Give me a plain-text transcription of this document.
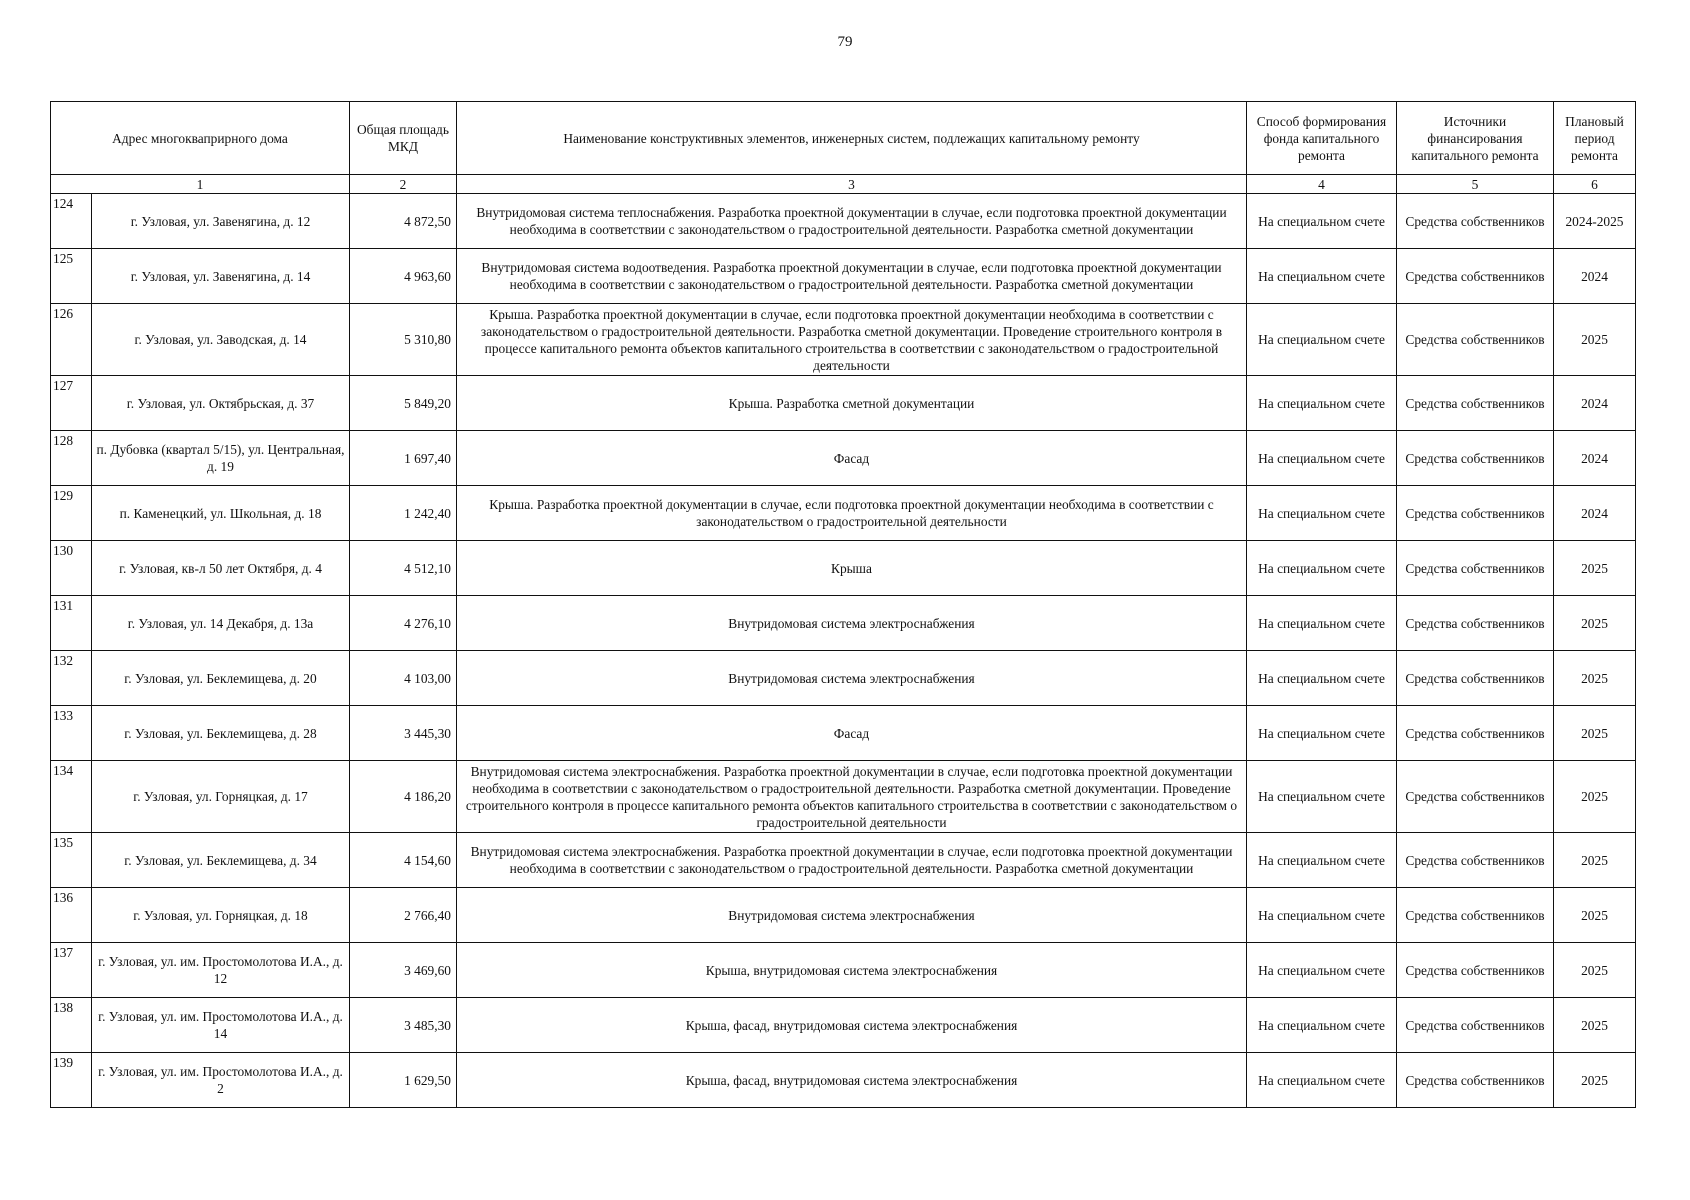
79
Адрес многокваприрного дома		Общая площадь МКД	Наименование конструктивных элементов, инженерных систем, подлежащих капитальному ремонту	Способ формирования фонда капитального ремонта	Источники финансирования капитального ремонта	Плановый период ремонта
1		2	3	4	5	6
124	г. Узловая, ул. Завенягина, д. 12	4 872,50	Внутридомовая система теплоснабжения. Разработка проектной документации в случае, если подготовка проектной документации необходима в соответствии с законодательством о градостроительной деятельности. Разработка сметной документации	На специальном счете	Средства собственников	2024-2025
125	г. Узловая, ул. Завенягина, д. 14	4 963,60	Внутридомовая система водоотведения. Разработка проектной документации в случае, если подготовка проектной документации необходима в соответствии с законодательством о градостроительной деятельности. Разработка сметной документации	На специальном счете	Средства собственников	2024
126	г. Узловая, ул. Заводская, д. 14	5 310,80	Крыша. Разработка проектной документации в случае, если подготовка проектной документации необходима в соответствии с законодательством о градостроительной деятельности. Разработка сметной документации. Проведение строительного контроля в процессе капитального ремонта объектов капитального строительства в соответствии с законодательством о градостроительной деятельности	На специальном счете	Средства собственников	2025
127	г. Узловая, ул. Октябрьская, д. 37	5 849,20	Крыша. Разработка сметной документации	На специальном счете	Средства собственников	2024
128	п. Дубовка (квартал 5/15), ул. Центральная, д. 19	1 697,40	Фасад	На специальном счете	Средства собственников	2024
129	п. Каменецкий, ул. Школьная, д. 18	1 242,40	Крыша. Разработка проектной документации в случае, если подготовка проектной документации необходима в соответствии с законодательством о градостроительной деятельности	На специальном счете	Средства собственников	2024
130	г. Узловая, кв-л 50 лет Октября, д. 4	4 512,10	Крыша	На специальном счете	Средства собственников	2025
131	г. Узловая, ул. 14 Декабря, д. 13а	4 276,10	Внутридомовая система электроснабжения	На специальном счете	Средства собственников	2025
132	г. Узловая, ул. Беклемищева, д. 20	4 103,00	Внутридомовая система электроснабжения	На специальном счете	Средства собственников	2025
133	г. Узловая, ул. Беклемищева, д. 28	3 445,30	Фасад	На специальном счете	Средства собственников	2025
134	г. Узловая, ул. Горняцкая, д. 17	4 186,20	Внутридомовая система электроснабжения. Разработка проектной документации в случае, если подготовка проектной документации необходима в соответствии с законодательством о градостроительной деятельности. Разработка сметной документации. Проведение строительного контроля в процессе капитального ремонта объектов капитального строительства в соответствии с законодательством о градостроительной деятельности	На специальном счете	Средства собственников	2025
135	г. Узловая, ул. Беклемищева, д. 34	4 154,60	Внутридомовая система электроснабжения. Разработка проектной документации в случае, если подготовка проектной документации необходима в соответствии с законодательством о градостроительной деятельности. Разработка сметной документации	На специальном счете	Средства собственников	2025
136	г. Узловая, ул. Горняцкая, д. 18	2 766,40	Внутридомовая система электроснабжения	На специальном счете	Средства собственников	2025
137	г. Узловая, ул. им. Простомолотова И.А., д. 12	3 469,60	Крыша, внутридомовая система электроснабжения	На специальном счете	Средства собственников	2025
138	г. Узловая, ул. им. Простомолотова И.А., д. 14	3 485,30	Крыша, фасад, внутридомовая система электроснабжения	На специальном счете	Средства собственников	2025
139	г. Узловая, ул. им. Простомолотова И.А., д. 2	1 629,50	Крыша, фасад, внутридомовая система электроснабжения	На специальном счете	Средства собственников	2025
